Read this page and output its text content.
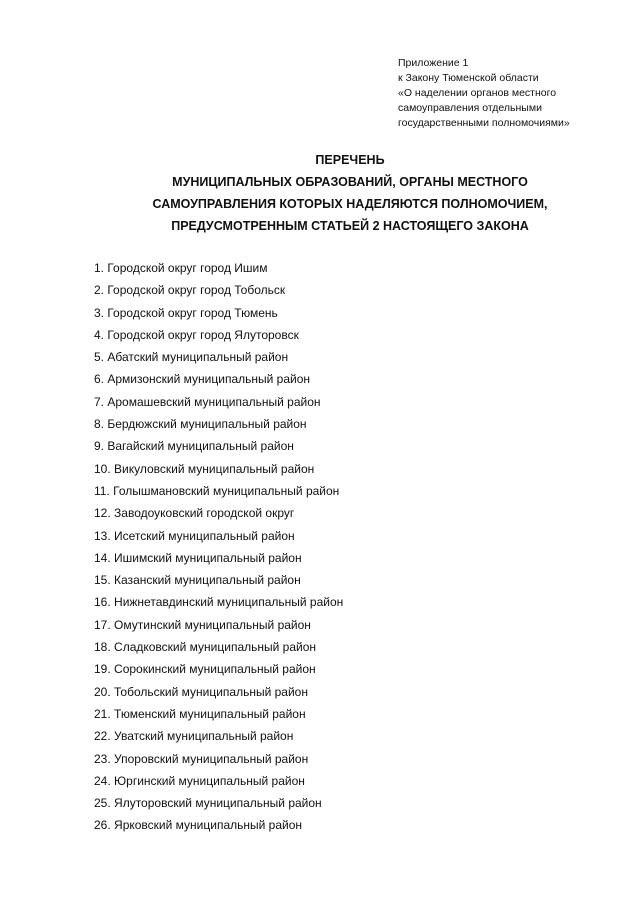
Приложение 1
к Закону Тюменской области
«О наделении органов местного
самоуправления отдельными
государственными полномочиями»
ПЕРЕЧЕНЬ
МУНИЦИПАЛЬНЫХ ОБРАЗОВАНИЙ, ОРГАНЫ МЕСТНОГО
САМОУПРАВЛЕНИЯ КОТОРЫХ НАДЕЛЯЮТСЯ ПОЛНОМОЧИЕМ,
ПРЕДУСМОТРЕННЫМ СТАТЬЕЙ 2 НАСТОЯЩЕГО ЗАКОНА
1. Городской округ город Ишим
2. Городской округ город Тобольск
3. Городской округ город Тюмень
4. Городской округ город Ялуторовск
5. Абатский муниципальный район
6. Армизонский муниципальный район
7. Аромашевский муниципальный район
8. Бердюжский муниципальный район
9. Вагайский муниципальный район
10. Викуловский муниципальный район
11. Голышмановский муниципальный район
12. Заводоуковский городской округ
13. Исетский муниципальный район
14. Ишимский муниципальный район
15. Казанский муниципальный район
16. Нижнетавдинский муниципальный район
17. Омутинский муниципальный район
18. Сладковский муниципальный район
19. Сорокинский муниципальный район
20. Тобольский муниципальный район
21. Тюменский муниципальный район
22. Уватский муниципальный район
23. Упоровский муниципальный район
24. Юргинский муниципальный район
25. Ялуторовский муниципальный район
26. Ярковский муниципальный район
